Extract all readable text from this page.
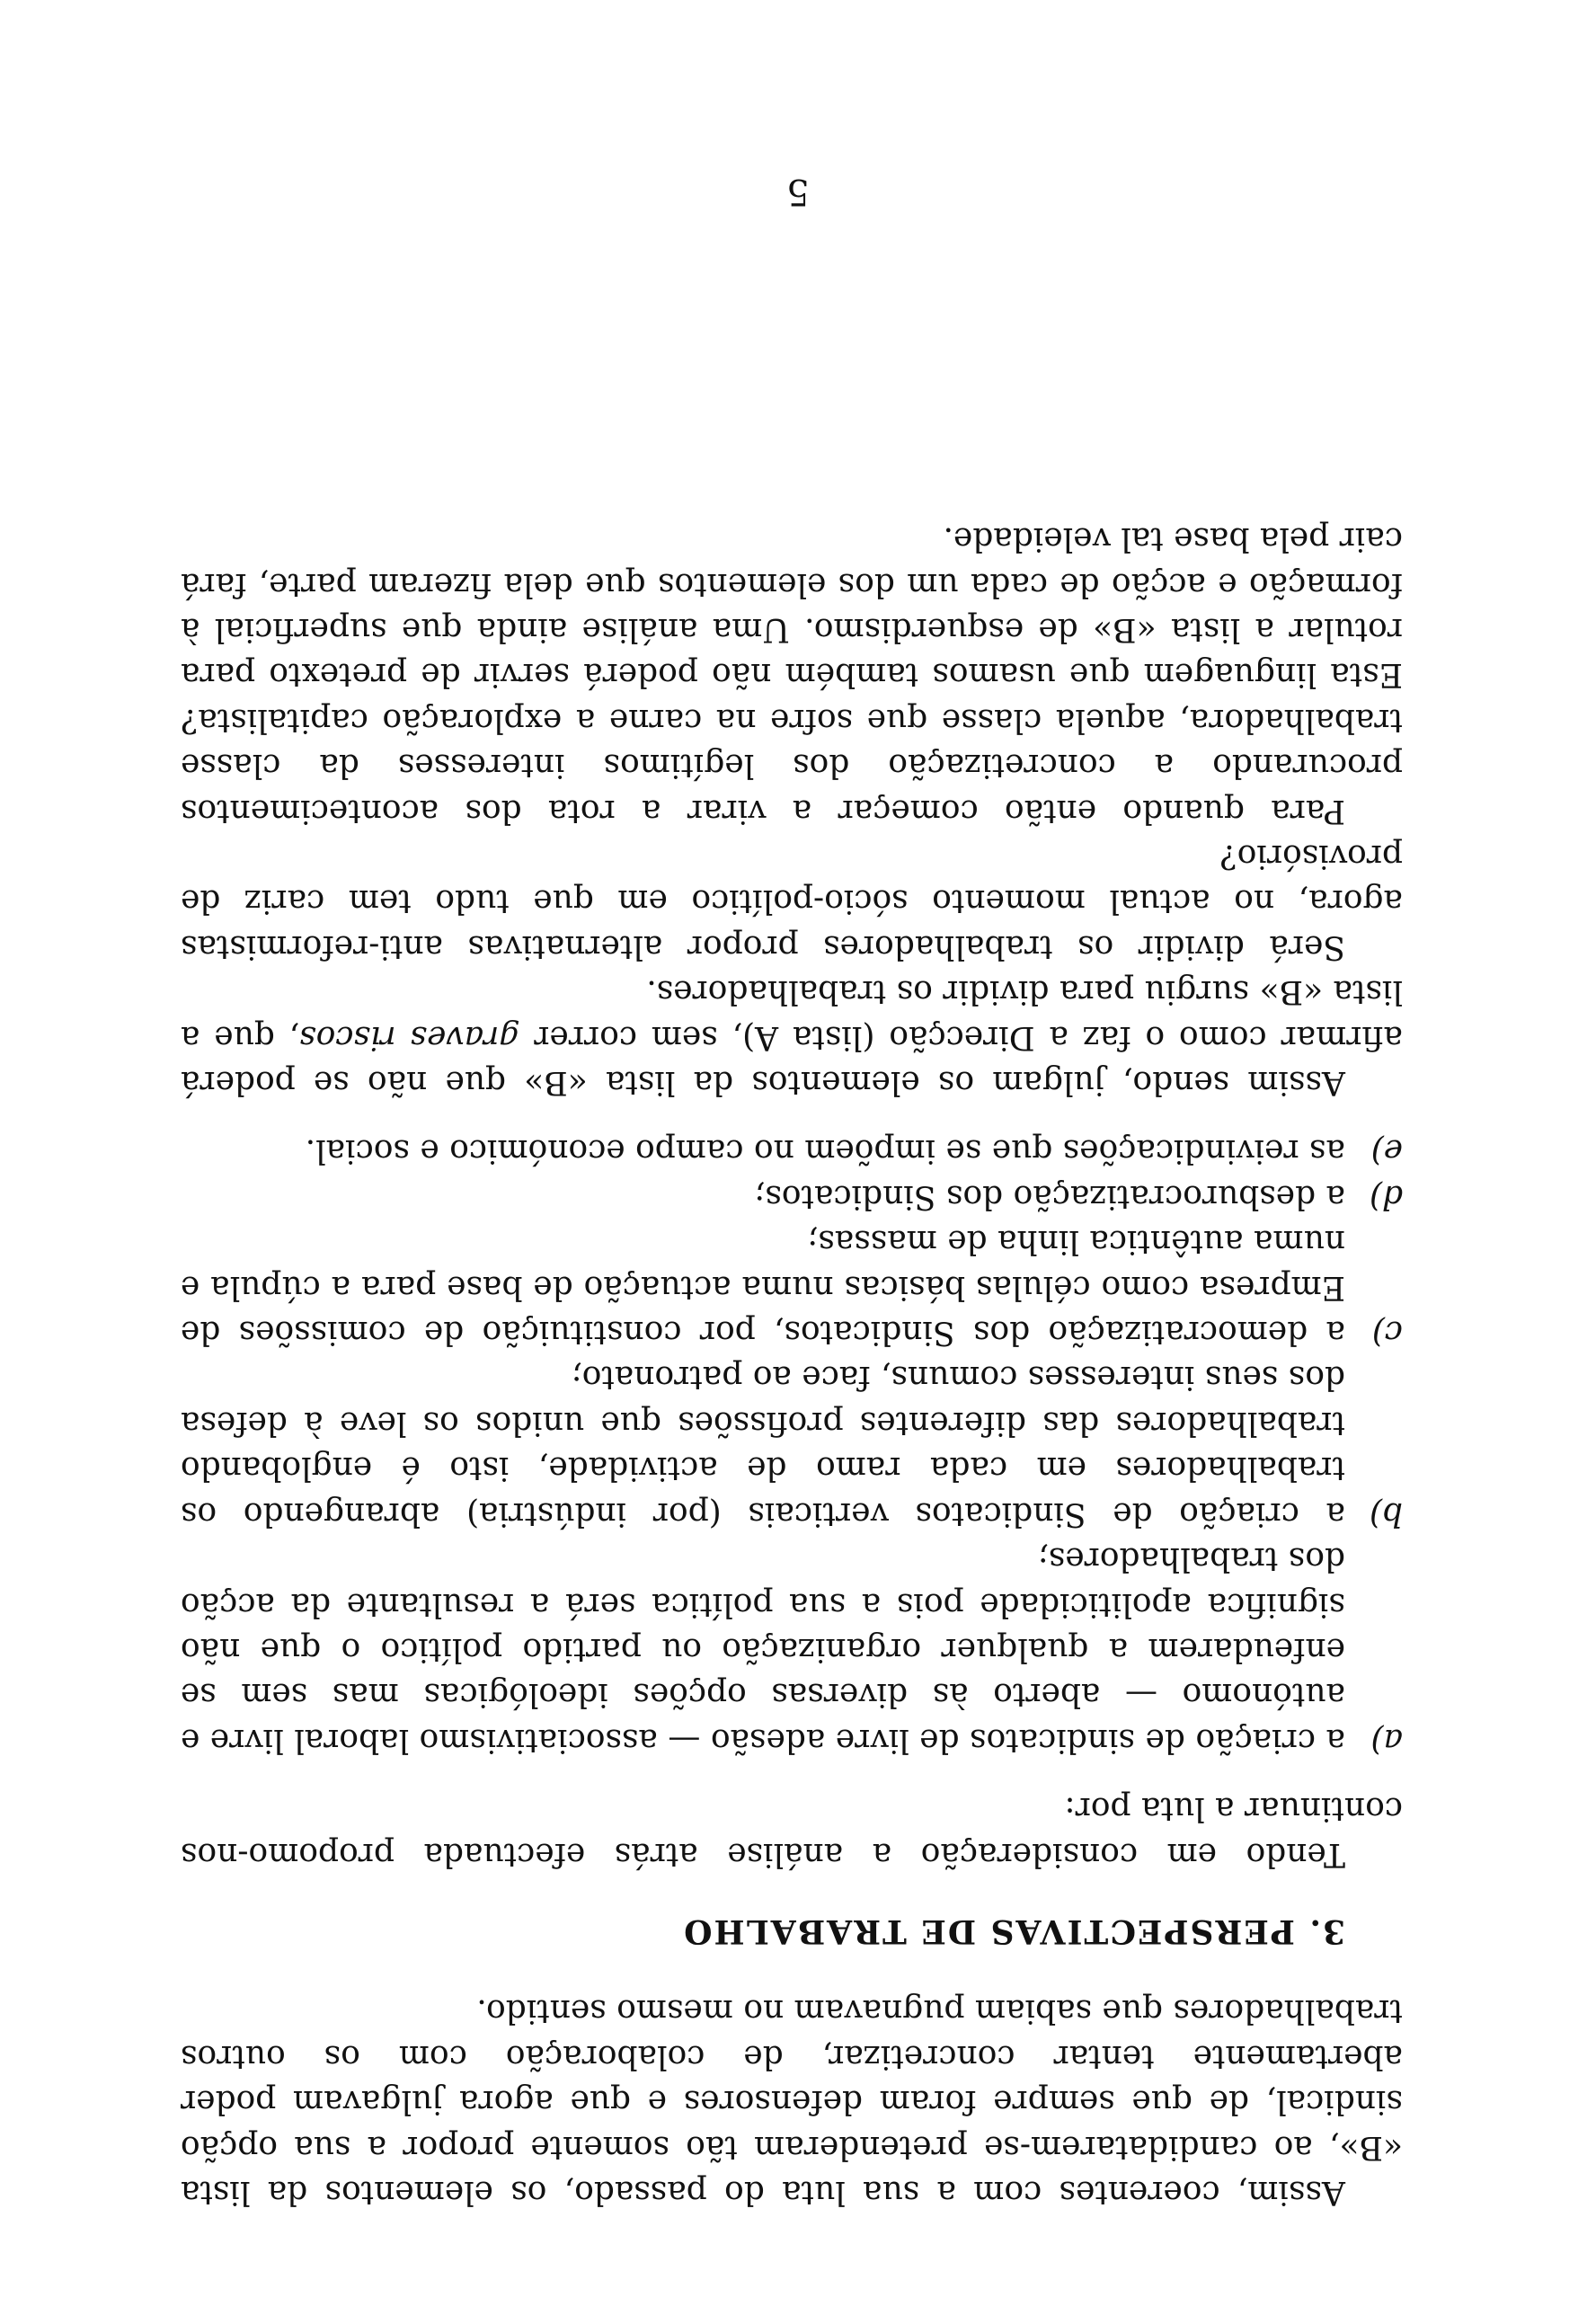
Assim, coerentes com a sua luta do passado, os elementos da lista «B», ao candidatarem-se pretenderam tão somente propor a sua opção sindical, de que sempre foram defensores e que agora julgavam poder abertamente tentar concretizar, de colaboração com os outros trabalhadores que sabiam pugnavam no mesmo sentido.

3. PERSPECTIVAS DE TRABALHO

Tendo em consideração a análise atrás efectuada propomo-nos continuar a luta por:

a)
a criação de sindicatos de livre adesão — associativismo laboral livre e autónomo — aberto às diversas opções ideológicas mas sem se enfeudarem a qualquer organização ou partido político o que não significa apoliticidade pois a sua política será a resultante da acção dos trabalhadores;
b)
a criação de Sindicatos verticais (por indústria) abrangendo os trabalhadores em cada ramo de actividade, isto é englobando trabalhadores das diferentes profissões que unidos os leve à defesa dos seus interesses comuns, face ao patronato;
c)
a democratização dos Sindicatos, por constituição de comissões de Empresa como células básicas numa actuação de base para a cúpula e numa autêntica linha de massas;
d)
a desburocratização dos Sindicatos;
e)
as reivindicações que se impõem no campo económico e social.

Assim sendo, julgam os elementos da lista «B» que não se poderá afirmar como o faz a Direcção (lista A), sem correr graves riscos, que a lista «B» surgiu para dividir os trabalhadores.

Será dividir os trabalhadores propor alternativas anti-reformistas agora, no actual momento sócio-político em que tudo tem cariz de provisório?

Para quando então começar a virar a rota dos acontecimentos procurando a concretização dos legítimos interesses da classe trabalhadora, aquela classe que sofre na carne a exploração capitalista? Esta linguagem que usamos também não poderá servir de pretexto para rotular a lista «B» de esquerdismo. Uma análise ainda que superficial à formação e acção de cada um dos elementos que dela fizeram parte, fará cair pela base tal veleidade.

5
